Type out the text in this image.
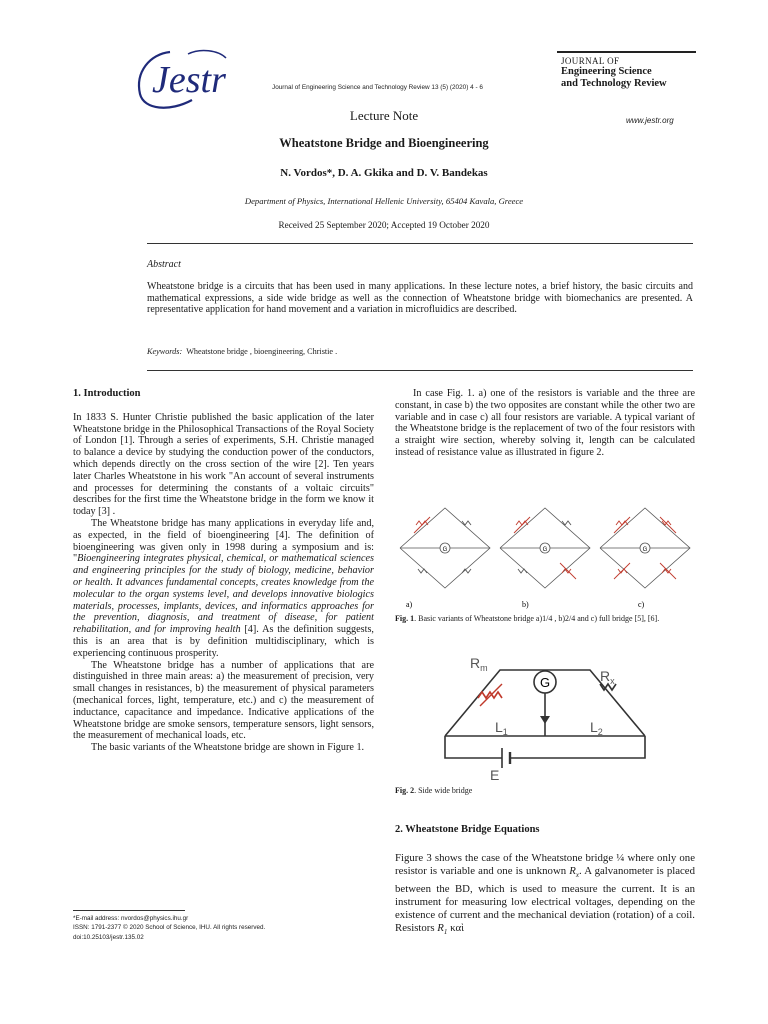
Jestr	Journal of Engineering Science and Technology Review 13 (5) (2020) 4 - 6
JOURNAL OF
Engineering Science
and Technology Review
www.jestr.org
Lecture Note
Wheatstone Bridge and Bioengineering
N. Vordos*, D. A. Gkika and D. V. Bandekas
Department of Physics, International Hellenic University, 65404 Kavala, Greece
Received 25 September 2020; Accepted 19 October 2020
Abstract
Wheatstone bridge is a circuits that has been used in many applications. In these lecture notes, a brief history, the basic circuits and mathematical expressions, a side wide bridge as well as the connection of Wheatstone bridge with biomechanics are presented. A representative application for hand movement and a variation in microfluidics are described.
Keywords: Wheatstone bridge , bioengineering, Christie .
1. Introduction

In 1833 S. Hunter Christie published the basic application of the later Wheatstone bridge in the Philosophical Transactions of the Royal Society of London [1]. Through a series of experiments, S.H. Christie managed to balance a device by studying the conduction power of the conductors, which depends directly on the cross section of the wire [2]. Ten years later Charles Wheatstone in his work "An account of several instruments and processes for determining the constants of a voltaic circuits" describes for the first time the Wheatstone bridge in the form we know it today [3] .

The Wheatstone bridge has many applications in everyday life and, as expected, in the field of bioengineering [4]. The definition of bioengineering was given only in 1998 during a symposium and is: "Bioengineering integrates physical, chemical, or mathematical sciences and engineering principles for the study of biology, medicine, behavior or health. It advances fundamental concepts, creates knowledge from the molecular to the organ systems level, and develops innovative biologics materials, processes, implants, devices, and informatics approaches for the prevention, diagnosis, and treatment of disease, for patient rehabilitation, and for improving health [4]. As the definition suggests, this is an area that is by definition multidisciplinary, which is experiencing continuous prosperity.

The Wheatstone bridge has a number of applications that are distinguished in three main areas: a) the measurement of precision, very small changes in resistances, b) the measurement of physical parameters (mechanical forces, light, temperature, etc.) and c) the measurement of inductance, capacitance and impedance. Indicative applications of the Wheatstone bridge are smoke sensors, temperature sensors, light sensors, the measurement of mechanical loads, etc.

The basic variants of the Wheatstone bridge are shown in Figure 1.

In case Fig. 1. a) one of the resistors is variable and the three are constant, in case b) the two opposites are constant while the other two are variable and in case c) all four resistors are variable. A typical variant of the Wheatstone bridge is the replacement of two of the four resistors with a straight wire section, whereby solving it, length can be calculated instead of resistance value as illustrated in figure 2.

G
a)
G
b)
G
c)
Fig. 1. Basic variants of Wheatstone bridge a)1/4 , b)2/4 and c) full bridge [5], [6].
G
$R_m$	$R_x$
$L_1$	$L_2$
E
Fig. 2. Side wide bridge
2. Wheatstone Bridge Equations

Figure 3 shows the case of the Wheatstone bridge ¼ where only one resistor is variable and one is unknown $R_x$. A galvanometer is placed between the BD, which is used to measure the current. It is an instrument for measuring low electrical voltages, depending on the existence of current and the mechanical deviation (rotation) of a coil. Resistors $R_1$ καὶ

*E-mail address: nvordos@physics.ihu.gr
ISSN: 1791-2377 © 2020 School of Science, IHU. All rights reserved.
doi:10.25103/jestr.135.02
